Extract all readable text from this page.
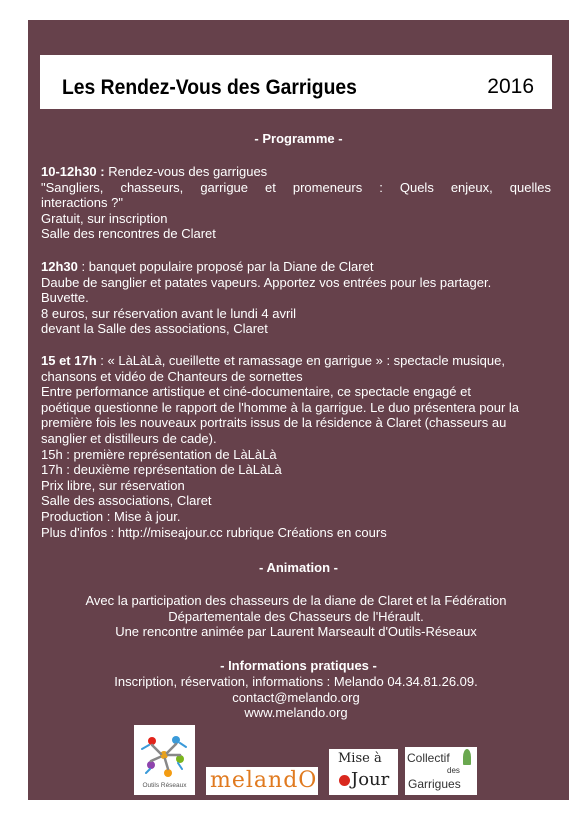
Les Rendez-Vous des Garrigues	2016
- Programme -
10-12h30 : Rendez-vous des garrigues
"Sangliers, chasseurs, garrigue et promeneurs : Quels enjeux, quelles
interactions ?"
Gratuit, sur inscription
Salle des rencontres de Claret
12h30 : banquet populaire proposé par la Diane de Claret
Daube de sanglier et patates vapeurs. Apportez vos entrées pour les partager.
Buvette.
8 euros, sur réservation avant le lundi 4 avril
devant la Salle des associations, Claret
15 et 17h : « LàLàLà, cueillette et ramassage en garrigue » : spectacle musique,
chansons et vidéo de Chanteurs de sornettes
Entre performance artistique et ciné-documentaire, ce spectacle engagé et
poétique questionne le rapport de l'homme à la garrigue. Le duo présentera pour la
première fois les nouveaux portraits issus de la résidence à Claret (chasseurs au
sanglier et distilleurs de cade).
15h : première représentation de LàLàLà
17h : deuxième représentation de LàLàLà
Prix libre, sur réservation
Salle des associations, Claret
Production : Mise à jour.
Plus d'infos : http://miseajour.cc rubrique Créations en cours
- Animation -
Avec la participation des chasseurs de la diane de Claret et la Fédération
Départementale des Chasseurs de l'Hérault.
Une rencontre animée par Laurent Marseault d'Outils-Réseaux
- Informations pratiques -
Inscription, réservation, informations : Melando 04.34.81.26.09.
contact@melando.org
www.melando.org
Outils Réseaux	melandO
Mise à
Jour
Collectif
des
Garrigues
